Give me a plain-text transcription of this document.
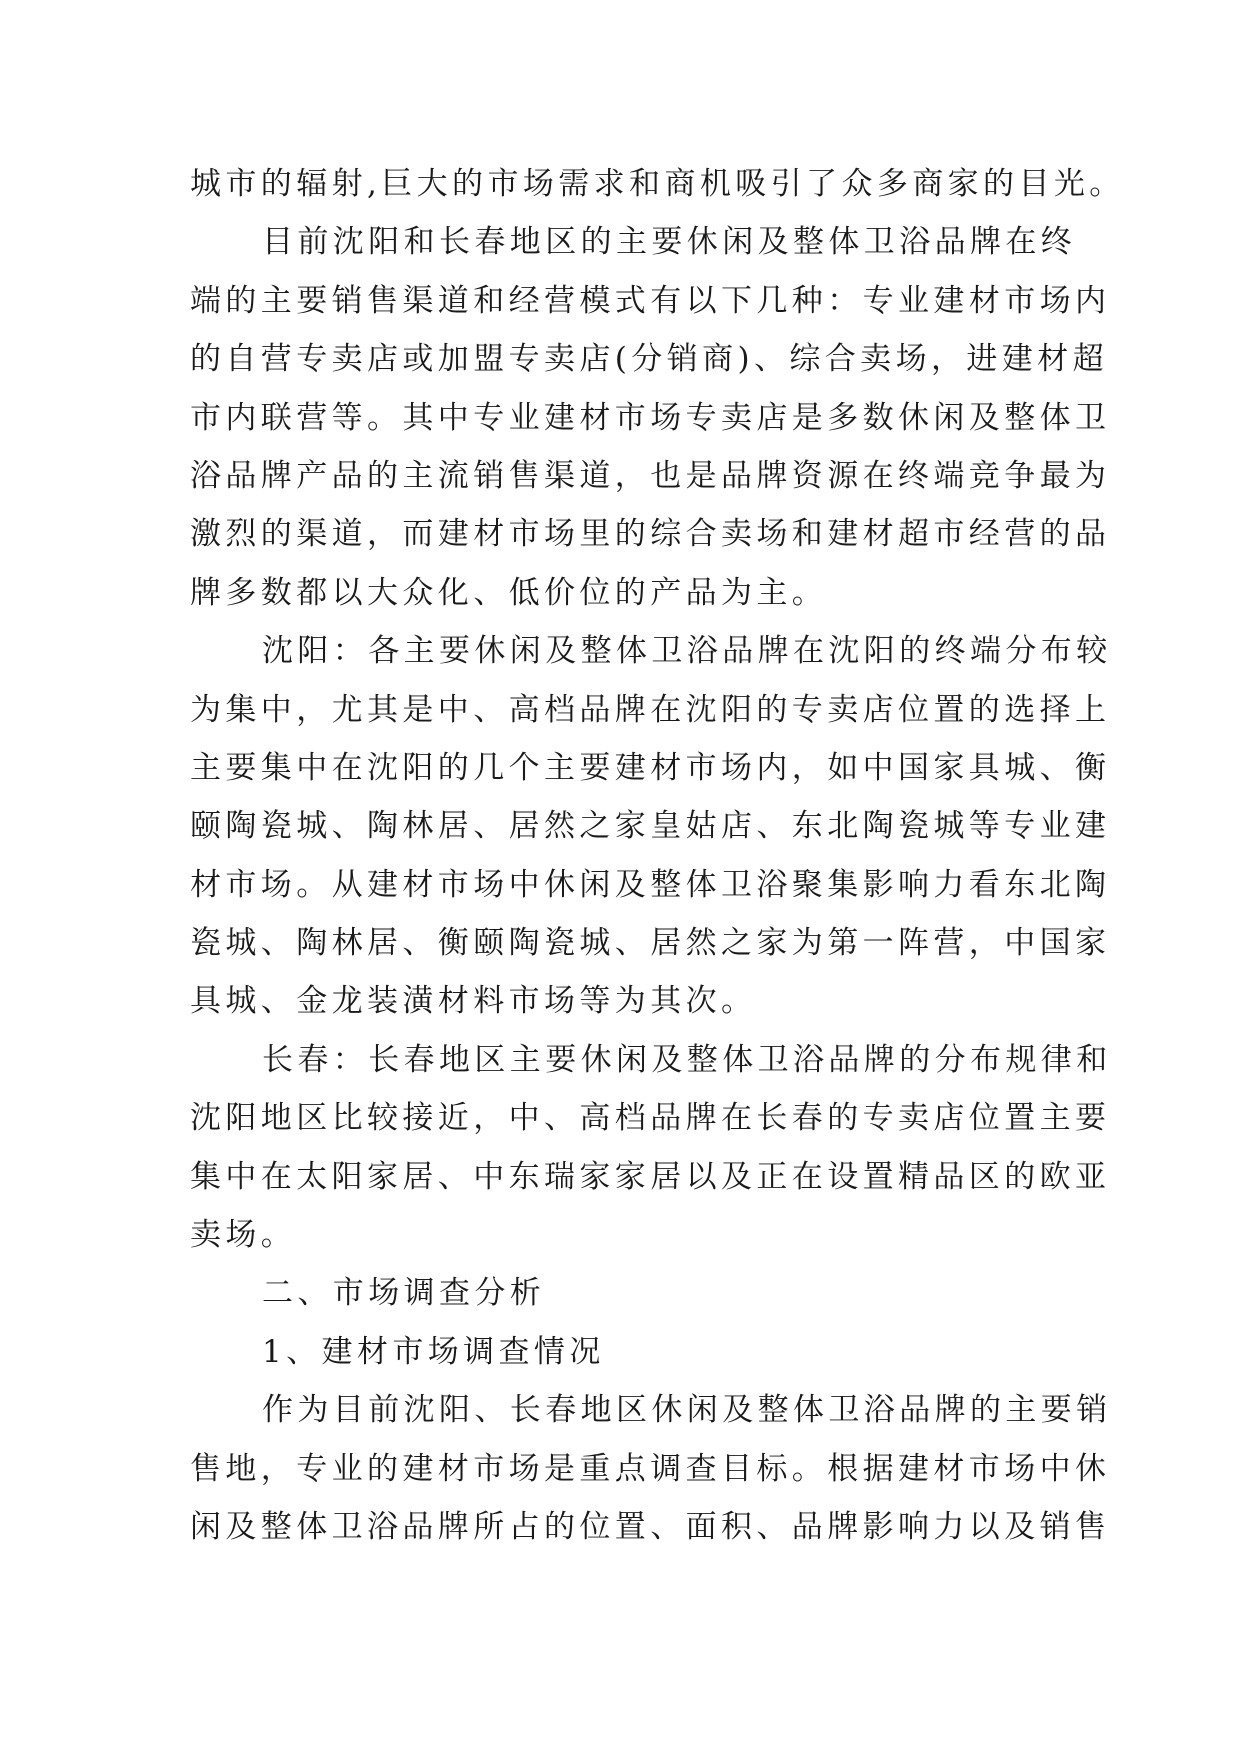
城市的辐射,巨大的市场需求和商机吸引了众多商家的目光。
目前沈阳和长春地区的主要休闲及整体卫浴品牌在终
端的主要销售渠道和经营模式有以下几种：专业建材市场内
的自营专卖店或加盟专卖店(分销商)、综合卖场，进建材超
市内联营等。其中专业建材市场专卖店是多数休闲及整体卫
浴品牌产品的主流销售渠道，也是品牌资源在终端竞争最为
激烈的渠道，而建材市场里的综合卖场和建材超市经营的品
牌多数都以大众化、低价位的产品为主。
沈阳：各主要休闲及整体卫浴品牌在沈阳的终端分布较
为集中，尤其是中、高档品牌在沈阳的专卖店位置的选择上
主要集中在沈阳的几个主要建材市场内，如中国家具城、衡
颐陶瓷城、陶林居、居然之家皇姑店、东北陶瓷城等专业建
材市场。从建材市场中休闲及整体卫浴聚集影响力看东北陶
瓷城、陶林居、衡颐陶瓷城、居然之家为第一阵营，中国家
具城、金龙装潢材料市场等为其次。
长春：长春地区主要休闲及整体卫浴品牌的分布规律和
沈阳地区比较接近，中、高档品牌在长春的专卖店位置主要
集中在太阳家居、中东瑞家家居以及正在设置精品区的欧亚
卖场。
二、市场调查分析
1、建材市场调查情况
作为目前沈阳、长春地区休闲及整体卫浴品牌的主要销
售地，专业的建材市场是重点调查目标。根据建材市场中休
闲及整体卫浴品牌所占的位置、面积、品牌影响力以及销售
